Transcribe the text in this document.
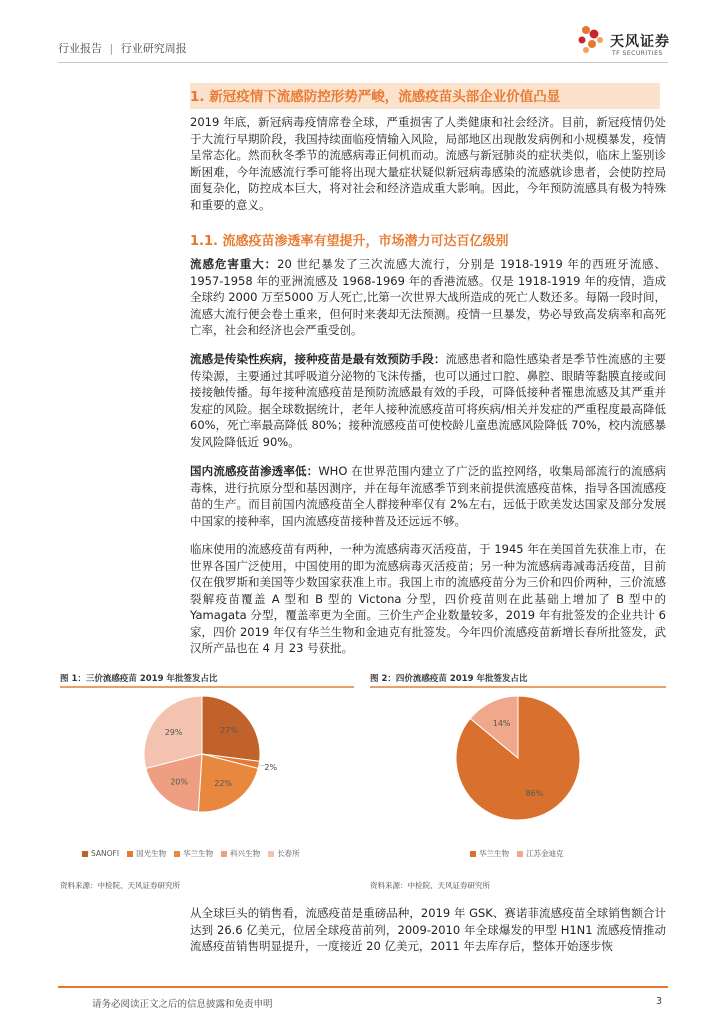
行业报告 | 行业研究周报	天风证券
TF SECURITIES
1. 新冠疫情下流感防控形势严峻，流感疫苗头部企业价值凸显
2019 年底，新冠病毒疫情席卷全球，严重损害了人类健康和社会经济。目前，新冠疫情仍处于大流行早期阶段，我国持续面临疫情输入风险，局部地区出现散发病例和小规模暴发，疫情呈常态化。然而秋冬季节的流感病毒正伺机而动。流感与新冠肺炎的症状类似，临床上鉴别诊断困难，今年流感流行季可能将出现大量症状疑似新冠病毒感染的流感就诊患者，会使防控局面复杂化，防控成本巨大，将对社会和经济造成重大影响。因此，今年预防流感具有极为特殊和重要的意义。
1.1. 流感疫苗渗透率有望提升，市场潜力可达百亿级别
流感危害重大：20 世纪暴发了三次流感大流行，分别是 1918-1919 年的西班牙流感、1957-1958 年的亚洲流感及 1968-1969 年的香港流感。仅是 1918-1919 年的疫情，造成全球约 2000 万至5000 万人死亡,比第一次世界大战所造成的死亡人数还多。每隔一段时间，流感大流行便会卷土重来，但何时来袭却无法预测。疫情一旦暴发，势必导致高发病率和高死亡率，社会和经济也会严重受创。
流感是传染性疾病，接种疫苗是最有效预防手段：流感患者和隐性感染者是季节性流感的主要传染源，主要通过其呼吸道分泌物的飞沫传播，也可以通过口腔、鼻腔、眼睛等黏膜直接或间接接触传播。每年接种流感疫苗是预防流感最有效的手段，可降低接种者罹患流感及其严重并发症的风险。据全球数据统计，老年人接种流感疫苗可将疾病/相关并发症的严重程度最高降低 60%，死亡率最高降低 80%；接种流感疫苗可使校龄儿童患流感风险降低 70%，校内流感暴发风险降低近 90%。
国内流感疫苗渗透率低：WHO 在世界范围内建立了广泛的监控网络，收集局部流行的流感病毒株，进行抗原分型和基因测序，并在每年流感季节到来前提供流感疫苗株，指导各国流感疫苗的生产。而目前国内流感疫苗全人群接种率仅有 2%左右，远低于欧美发达国家及部分发展中国家的接种率，国内流感疫苗接种普及还远远不够。
临床使用的流感疫苗有两种，一种为流感病毒灭活疫苗，于 1945 年在美国首先获准上市，在世界各国广泛使用，中国使用的即为流感病毒灭活疫苗；另一种为流感病毒减毒活疫苗，目前仅在俄罗斯和美国等少数国家获准上市。我国上市的流感疫苗分为三价和四价两种，三价流感裂解疫苗覆盖 A 型和 B 型的 Victona 分型，四价疫苗则在此基础上增加了 B 型中的 Yamagata 分型，覆盖率更为全面。三价生产企业数量较多，2019 年有批签发的企业共计 6 家，四价 2019 年仅有华兰生物和金迪克有批签发。今年四价流感疫苗新增长春所批签发，武汉所产品也在 4 月 23 号获批。
图 1：三价流感疫苗 2019 年批签发占比	图 2：四价流感疫苗 2019 年批签发占比
27%
2%
22%
20%
29%
86%
14%
SANOFI 国光生物 华兰生物 科兴生物 长春所	华兰生物 江苏金迪克
资料来源：中检院、天风证券研究所	资料来源：中检院、天风证券研究所
从全球巨头的销售看，流感疫苗是重磅品种，2019 年 GSK、赛诺菲流感疫苗全球销售额合计达到 26.6 亿美元，位居全球疫苗前列，2009-2010 年全球爆发的甲型 H1N1 流感疫情推动流感疫苗销售明显提升，一度接近 20 亿美元，2011 年去库存后，整体开始逐步恢
请务必阅读正文之后的信息披露和免责申明	3
